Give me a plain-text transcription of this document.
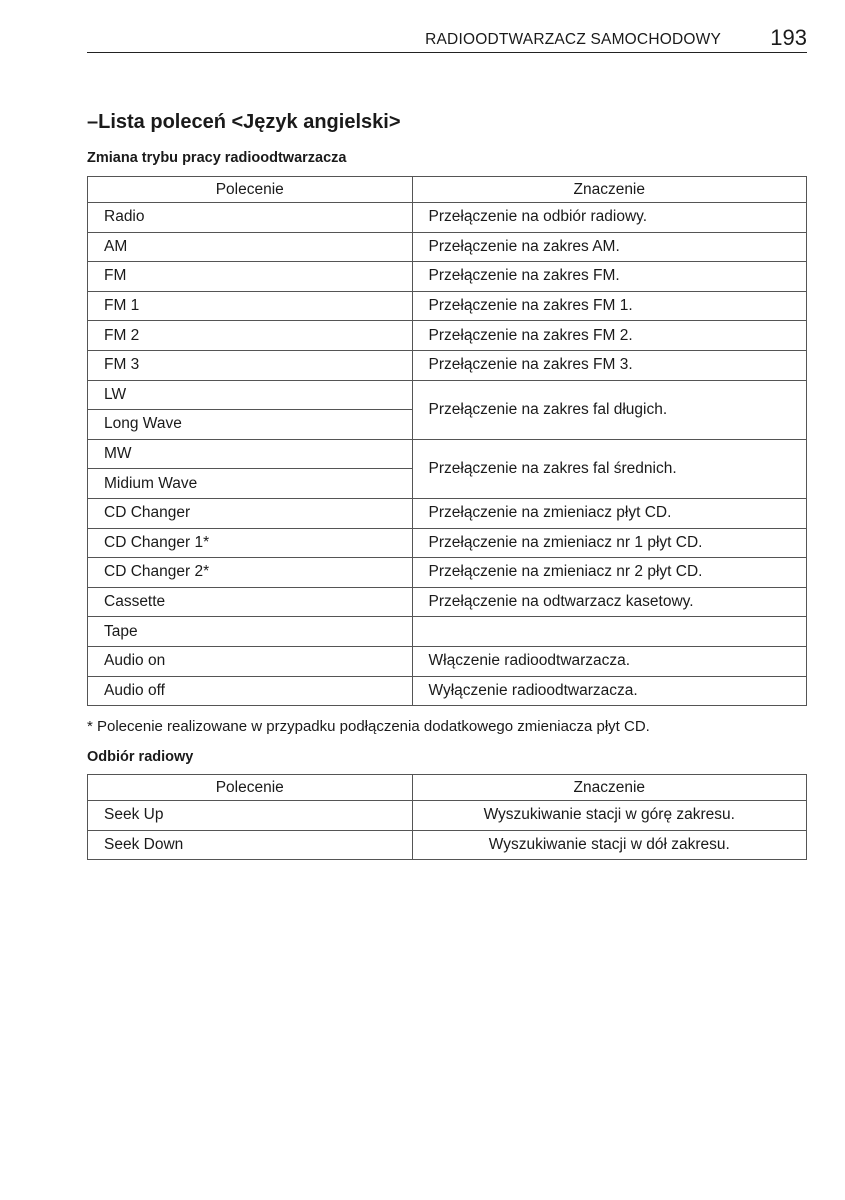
RADIOODTWARZACZ SAMOCHODOWY 193
–Lista poleceń <Język angielski>
Zmiana trybu pracy radioodtwarzacza
Polecenie	Znaczenie
Radio	Przełączenie na odbiór radiowy.
AM	Przełączenie na zakres AM.
FM	Przełączenie na zakres FM.
FM 1	Przełączenie na zakres FM 1.
FM 2	Przełączenie na zakres FM 2.
FM 3	Przełączenie na zakres FM 3.
LW	Przełączenie na zakres fal długich.
Long Wave	
MW	Przełączenie na zakres fal średnich.
Midium Wave	
CD Changer	Przełączenie na zmieniacz płyt CD.
CD Changer 1*	Przełączenie na zmieniacz nr 1 płyt CD.
CD Changer 2*	Przełączenie na zmieniacz nr 2 płyt CD.
Cassette	Przełączenie na odtwarzacz kasetowy.
Tape	
Audio on	Włączenie radioodtwarzacza.
Audio off	Wyłączenie radioodtwarzacza.

* Polecenie realizowane w przypadku podłączenia dodatkowego zmieniacza płyt CD.

Odbiór radiowy
Polecenie	Znaczenie
Seek Up	Wyszukiwanie stacji w górę zakresu.
Seek Down	Wyszukiwanie stacji w dół zakresu.
